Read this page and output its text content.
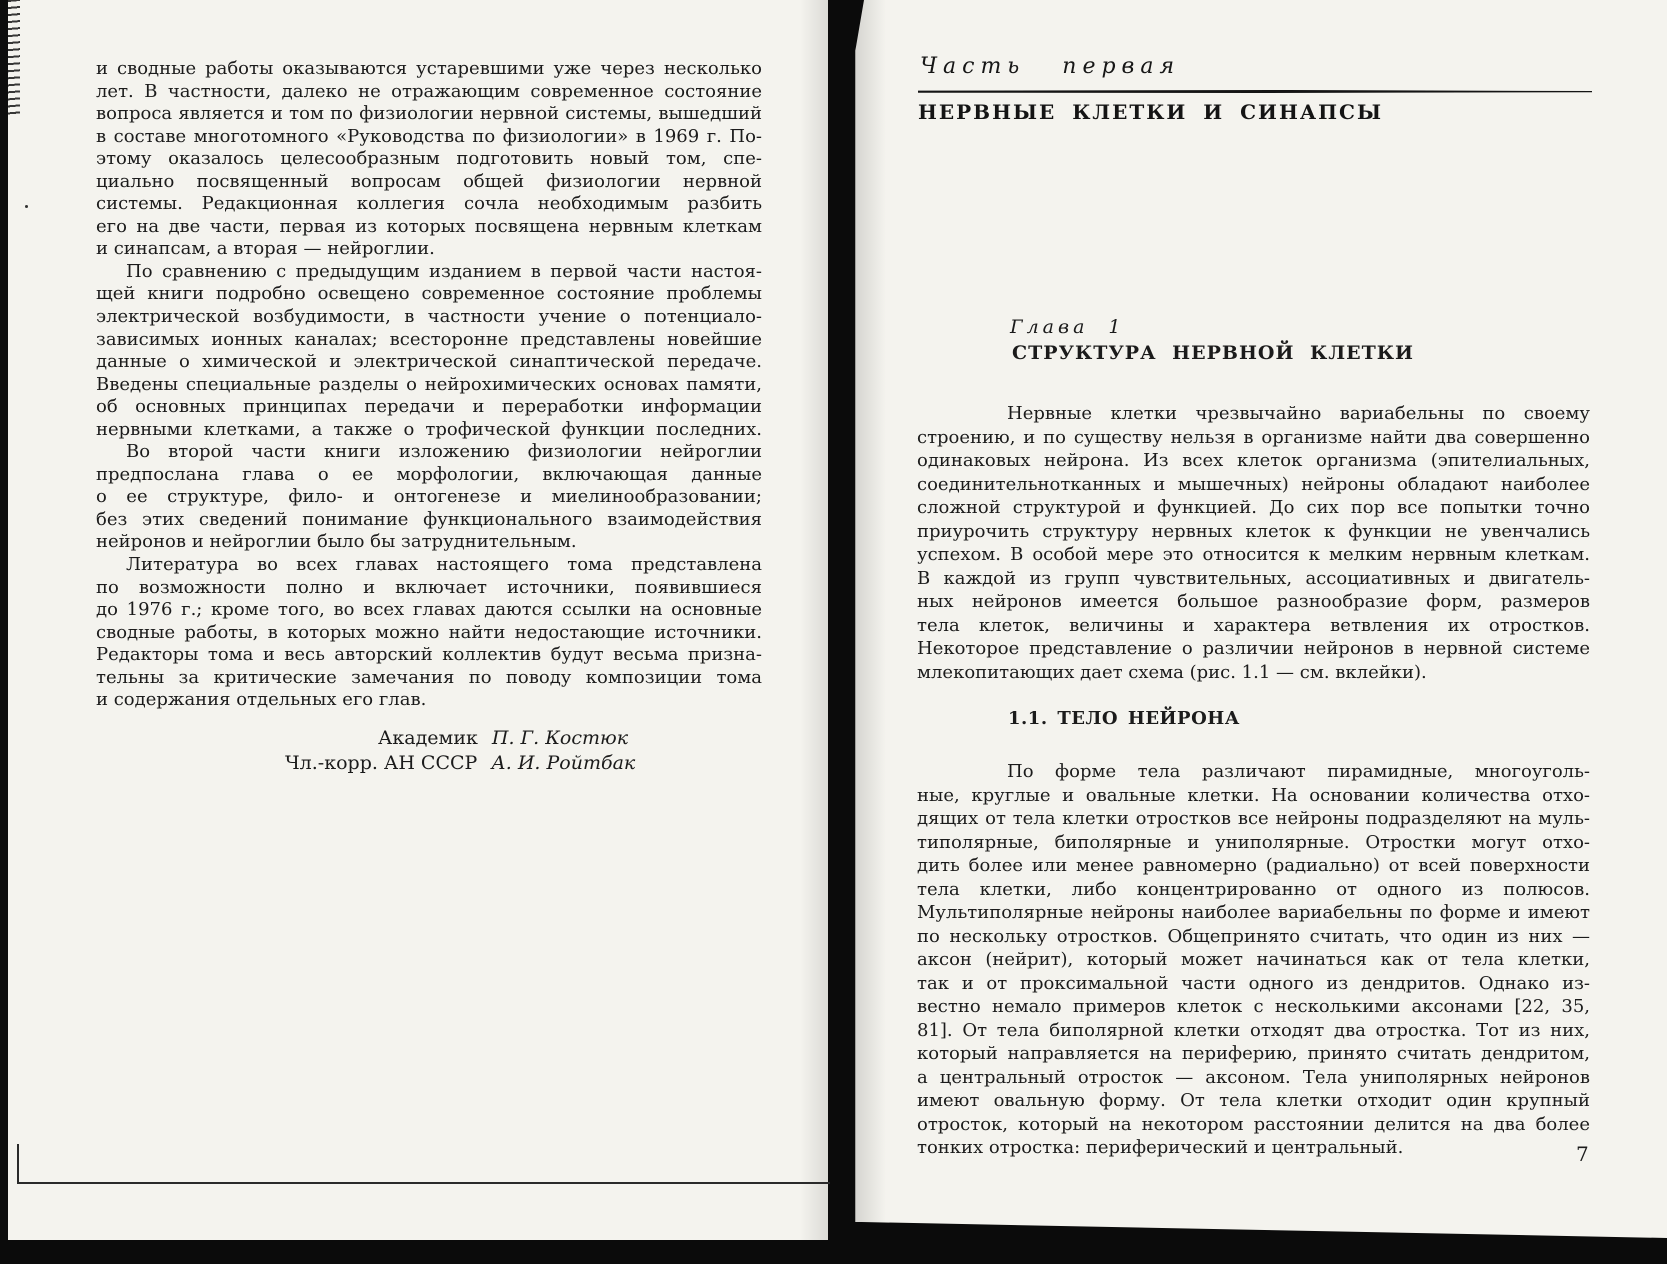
и сводные работы оказываются устаревшими уже через несколько
лет. В частности, далеко не отражающим современное состояние
вопроса является и том по физиологии нервной системы, вышедший
в составе многотомного «Руководства по физиологии» в 1969 г. По-
этому оказалось целесообразным подготовить новый том, спе-
циально посвященный вопросам общей физиологии нервной
системы. Редакционная коллегия сочла необходимым разбить
его на две части, первая из которых посвящена нервным клеткам
и синапсам, а вторая — нейроглии.
По сравнению с предыдущим изданием в первой части настоя-
щей книги подробно освещено современное состояние проблемы
электрической возбудимости, в частности учение о потенциало-
зависимых ионных каналах; всесторонне представлены новейшие
данные о химической и электрической синаптической передаче.
Введены специальные разделы о нейрохимических основах памяти,
об основных принципах передачи и переработки информации
нервными клетками, а также о трофической функции последних.
Во второй части книги изложению физиологии нейроглии
предпослана глава о ее морфологии, включающая данные
о ее структуре, фило- и онтогенезе и миелинообразовании;
без этих сведений понимание функционального взаимодействия
нейронов и нейроглии было бы затруднительным.
Литература во всех главах настоящего тома представлена
по возможности полно и включает источники, появившиеся
до 1976 г.; кроме того, во всех главах даются ссылки на основные
сводные работы, в которых можно найти недостающие источники.
Редакторы тома и весь авторский коллектив будут весьма призна-
тельны за критические замечания по поводу композиции тома
и содержания отдельных его глав.
Академик П. Г. Костюк
Чл.-корр. АН СССР А. И. Ройтбак
Часть первая
НЕРВНЫЕ КЛЕТКИ И СИНАПСЫ
Глава 1
СТРУКТУРА НЕРВНОЙ КЛЕТКИ
Нервные клетки чрезвычайно вариабельны по своему
строению, и по существу нельзя в организме найти два совершенно
одинаковых нейрона. Из всех клеток организма (эпителиальных,
соединительнотканных и мышечных) нейроны обладают наиболее
сложной структурой и функцией. До сих пор все попытки точно
приурочить структуру нервных клеток к функции не увенчались
успехом. В особой мере это относится к мелким нервным клеткам.
В каждой из групп чувствительных, ассоциативных и двигатель-
ных нейронов имеется большое разнообразие форм, размеров
тела клеток, величины и характера ветвления их отростков.
Некоторое представление о различии нейронов в нервной системе
млекопитающих дает схема (рис. 1.1 — см. вклейки).
1.1. ТЕЛО НЕЙРОНА
По форме тела различают пирамидные, многоуголь-
ные, круглые и овальные клетки. На основании количества отхо-
дящих от тела клетки отростков все нейроны подразделяют на муль-
типолярные, биполярные и униполярные. Отростки могут отхо-
дить более или менее равномерно (радиально) от всей поверхности
тела клетки, либо концентрированно от одного из полюсов.
Мультиполярные нейроны наиболее вариабельны по форме и имеют
по нескольку отростков. Общепринято считать, что один из них —
аксон (нейрит), который может начинаться как от тела клетки,
так и от проксимальной части одного из дендритов. Однако из-
вестно немало примеров клеток с несколькими аксонами [22, 35,
81]. От тела биполярной клетки отходят два отростка. Тот из них,
который направляется на периферию, принято считать дендритом,
а центральный отросток — аксоном. Тела униполярных нейронов
имеют овальную форму. От тела клетки отходит один крупный
отросток, который на некотором расстоянии делится на два более
тонких отростка: периферический и центральный.	7
